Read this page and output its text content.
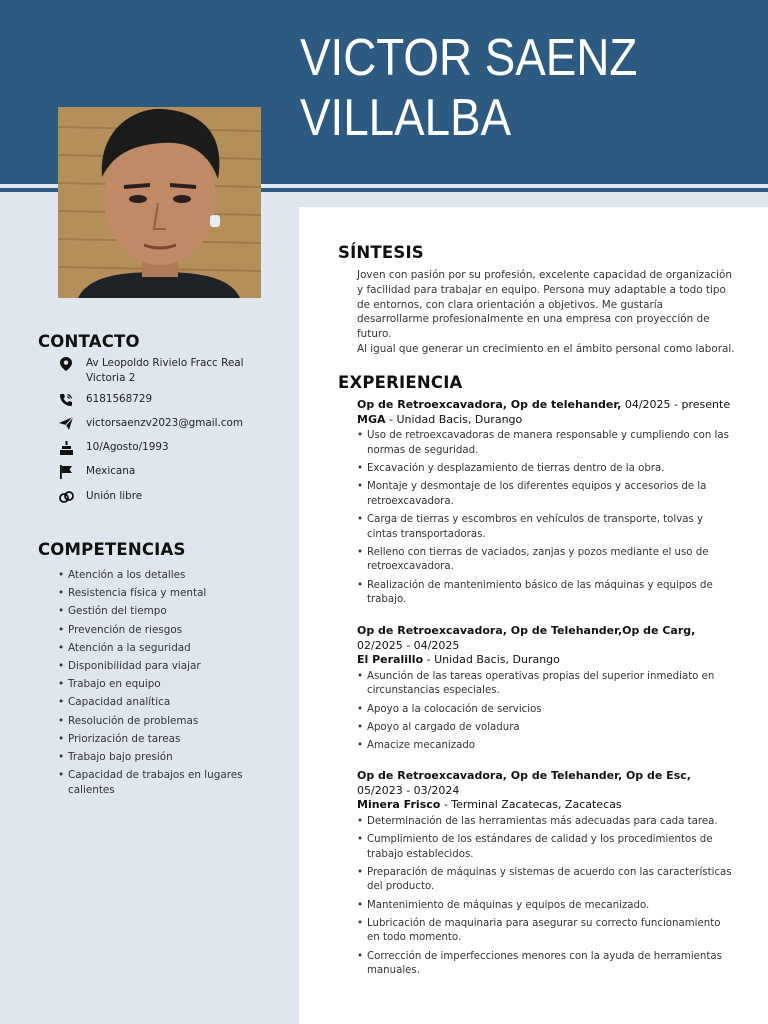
VICTOR SAENZ
VILLALBA
CONTACTO
Av Leopoldo Rivielo Fracc Real Victoria 2
6181568729
victorsaenzv2023@gmail.com
10/Agosto/1993
Mexicana
Unión libre
COMPETENCIAS
• Atención a los detalles
• Resistencia física y mental
• Gestión del tiempo
• Prevención de riesgos
• Atención a la seguridad
• Disponibilidad para viajar
• Trabajo en equipo
• Capacidad analítica
• Resolución de problemas
• Priorización de tareas
• Trabajo bajo presión
• Capacidad de trabajos en lugares calientes
SÍNTESIS
Joven con pasión por su profesión, excelente capacidad de organización y facilidad para trabajar en equipo. Persona muy adaptable a todo tipo de entornos, con clara orientación a objetivos. Me gustaría desarrollarme profesionalmente en una empresa con proyección de futuro.
Al igual que generar un crecimiento en el ámbito personal como laboral.
EXPERIENCIA
Op de Retroexcavadora, Op de telehander, 04/2025 - presente
MGA - Unidad Bacis, Durango
• Uso de retroexcavadoras de manera responsable y cumpliendo con las normas de seguridad.
• Excavación y desplazamiento de tierras dentro de la obra.
• Montaje y desmontaje de los diferentes equipos y accesorios de la retroexcavadora.
• Carga de tierras y escombros en vehículos de transporte, tolvas y cintas transportadoras.
• Relleno con tierras de vaciados, zanjas y pozos mediante el uso de retroexcavadora.
• Realización de mantenimiento básico de las máquinas y equipos de trabajo.
Op de Retroexcavadora, Op de Telehander,Op de Carg, 02/2025 - 04/2025
El Peralillo - Unidad Bacis, Durango
• Asunción de las tareas operativas propias del superior inmediato en circunstancias especiales.
• Apoyo a la colocación de servicios
• Apoyo al cargado de voladura
• Amacize mecanizado
Op de Retroexcavadora, Op de Telehander, Op de Esc, 05/2023 - 03/2024
Minera Frisco - Terminal Zacatecas, Zacatecas
• Determinación de las herramientas más adecuadas para cada tarea.
• Cumplimiento de los estándares de calidad y los procedimientos de trabajo establecidos.
• Preparación de máquinas y sistemas de acuerdo con las características del producto.
• Mantenimiento de máquinas y equipos de mecanizado.
• Lubricación de maquinaria para asegurar su correcto funcionamiento en todo momento.
• Corrección de imperfecciones menores con la ayuda de herramientas manuales.
